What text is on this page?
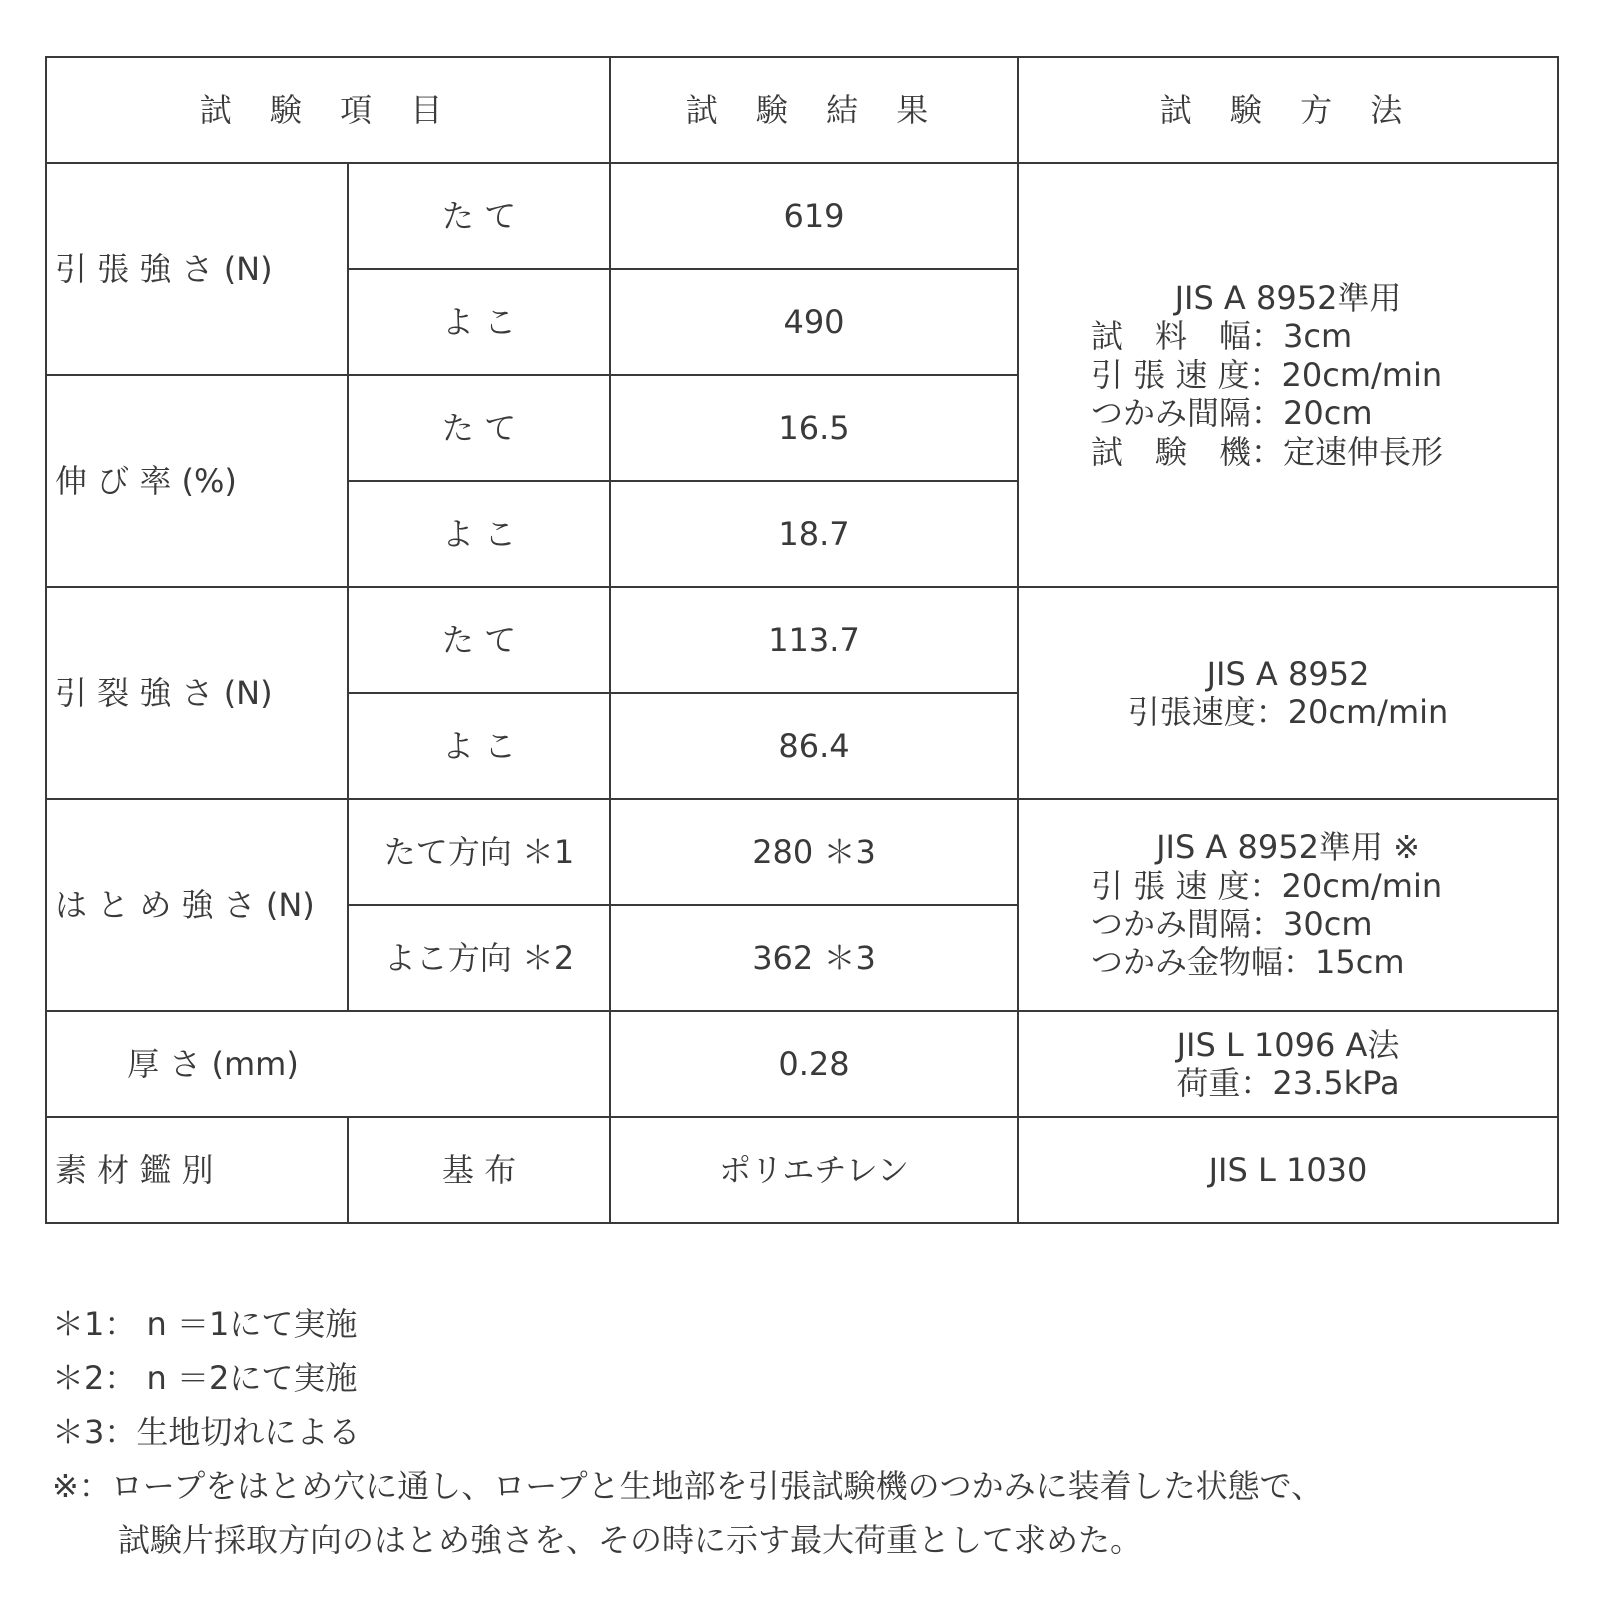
試 験 項 目		試 験 結 果	試 験 方 法

引 張 強 さ (N)	た て	619	JIS A 8952準用
試　料　幅：3cm
引 張 速 度：20cm/min
つかみ間隔：20cm
試　験　機：定速伸長形

	よ こ	490	

伸 び 率 (%)	た て	16.5	
	よ こ	18.7	

引 裂 強 さ (N)	た て	113.7	JIS A 8952
引張速度：20cm/min

	よ こ	86.4	

は と め 強 さ (N)	たて方向 ＊1	280 ＊3	JIS A 8952準用 ※
引 張 速 度：20cm/min
つかみ間隔：30cm
つかみ金物幅：15cm

	よこ方向 ＊2	362 ＊3	
厚 さ (mm)		0.28	JIS L 1096 A法
荷重：23.5kPa

素 材 鑑 別	基 布	ポリエチレン	JIS L 1030
＊1： n ＝1にて実施
＊2： n ＝2にて実施
＊3：生地切れによる
※：ロープをはとめ穴に通し、ロープと生地部を引張試験機のつかみに装着した状態で、
試験片採取方向のはとめ強さを、その時に示す最大荷重として求めた。
